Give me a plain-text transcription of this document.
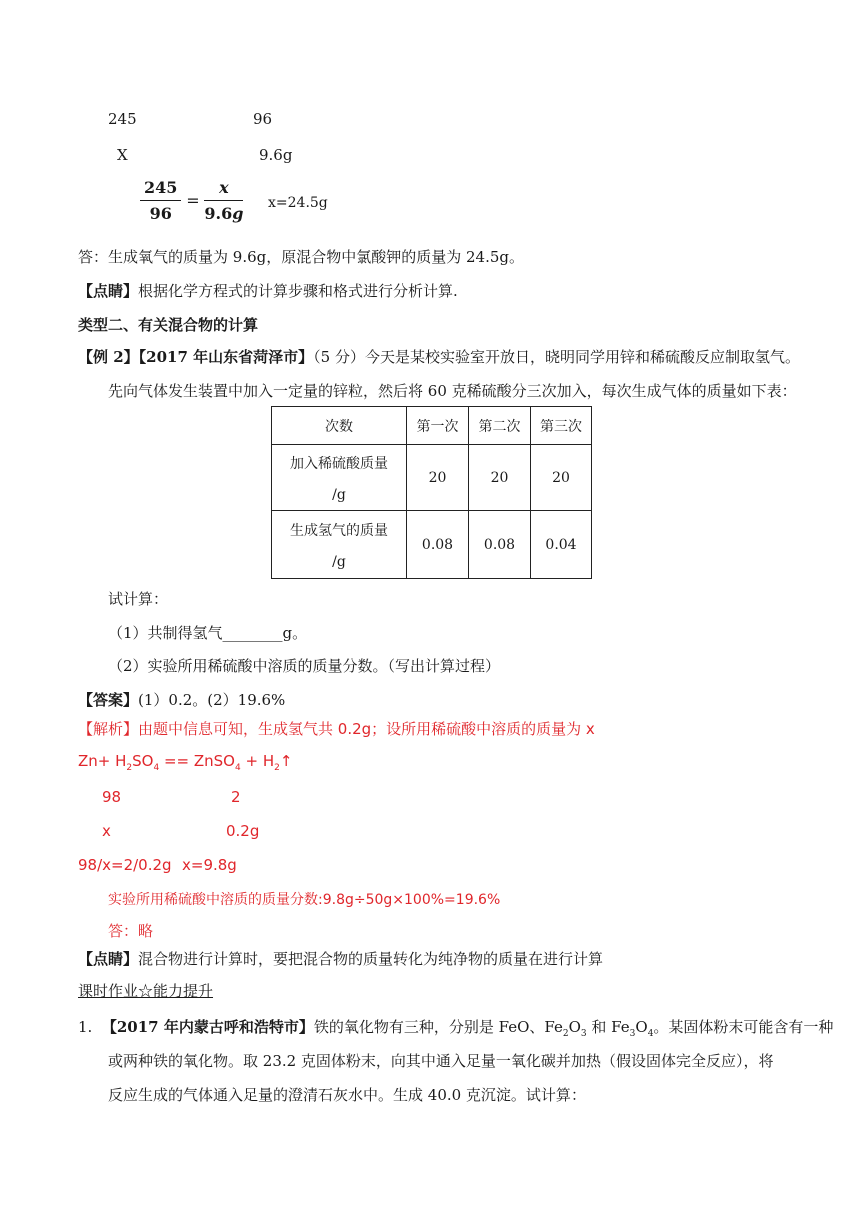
245	96
X	9.6g
$\frac{245}{96} = \frac{x}{9.6g} x=24.5g$
答：生成氧气的质量为 9.6g，原混合物中氯酸钾的质量为 24.5g。
【点睛】根据化学方程式的计算步骤和格式进行分析计算.
类型二、有关混合物的计算
【例 2】【2017 年山东省菏泽市】（5 分）今天是某校实验室开放日，晓明同学用锌和稀硫酸反应制取氢气。
先向气体发生装置中加入一定量的锌粒，然后将 60 克稀硫酸分三次加入，每次生成气体的质量如下表：
次数	第一次	第二次	第三次

加入稀硫酸质量
/g	20	20	20

生成氢气的质量
/g	0.08	0.08	0.04
试计算：
（1）共制得氢气________g。
（2）实验所用稀硫酸中溶质的质量分数。（写出计算过程）
【答案】(1）0.2。(2）19.6%
【解析】由题中信息可知，生成氢气共 0.2g；设所用稀硫酸中溶质的质量为 x
$Zn+ H_2SO_4$ == ZnSO$_4$ + $H_2↑$
98	2
x	0.2g
98/x=2/0.2g x=9.8g
实验所用稀硫酸中溶质的质量分数:9.8g÷50g×100%=19.6%
答：略
【点睛】混合物进行计算时，要把混合物的质量转化为纯净物的质量在进行计算
课时作业☆能力提升
1. 【2017 年内蒙古呼和浩特市】铁的氧化物有三种，分别是 FeO、$Fe_2O_3$ 和 $Fe_3O_4$。某固体粉末可能含有一种
或两种铁的氧化物。取 23.2 克固体粉末，向其中通入足量一氧化碳并加热（假设固体完全反应），将
反应生成的气体通入足量的澄清石灰水中。生成 40.0 克沉淀。试计算：
